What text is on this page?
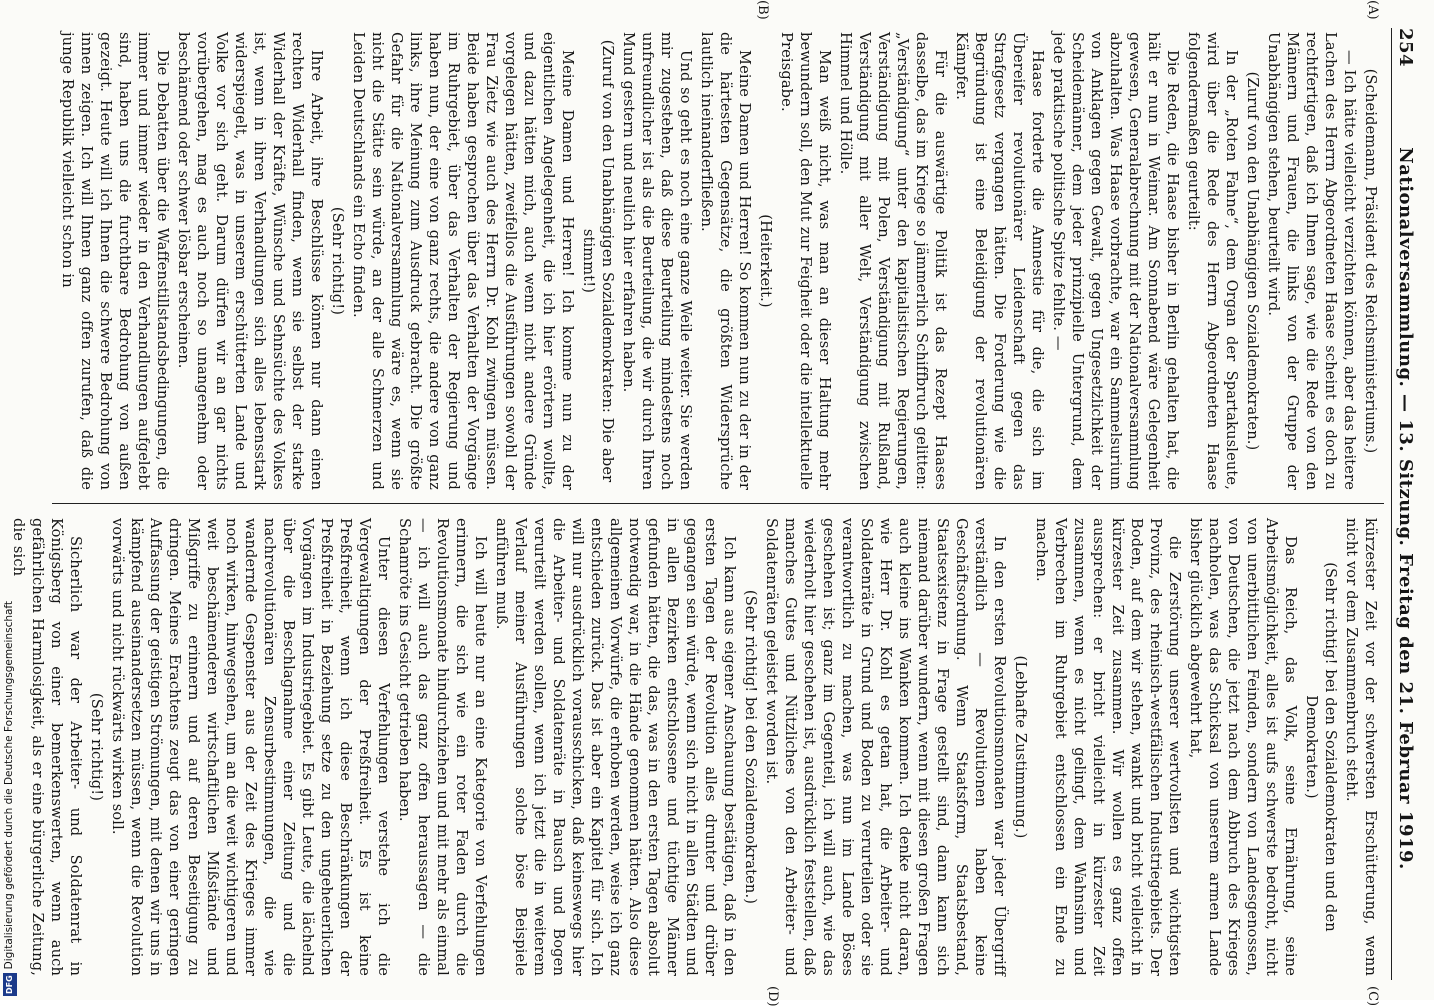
254
Nationalversammlung. — 13. Sitzung. Freitag den 21. Februar 1919.
(A)
(B)
(C)
(D)

(Scheidemann, Präsident des Reichsministeriums.)

— Ich hätte vielleicht verzichten können, aber das heitere Lachen des Herrn Abgeordneten Haase scheint es doch zu rechtfertigen, daß ich Ihnen sage, wie die Rede von den Männern und Frauen, die links von der Gruppe der Unabhängigen stehen, beurteilt wird.

(Zuruf von den Unabhängigen Sozialdemokraten.)

In der „Roten Fahne“, dem Organ der Spartakusleute, wird über die Rede des Herrn Abgeordneten Haase folgendermaßen geurteilt:

Die Reden, die Haase bisher in Berlin gehalten hat, die hält er nun in Weimar. Am Sonnabend wäre Gelegenheit gewesen, Generalabrechnung mit der Nationalversammlung abzuhalten. Was Haase vorbrachte, war ein Sammelsurium von Anklagen gegen Gewalt, gegen Ungesetzlichkeit der Scheidemänner, dem jeder prinzipielle Untergrund, dem jede praktische politische Spitze fehlte. —

Haase forderte die Amnestie für die, die sich im Übereifer revolutionärer Leidenschaft gegen das Strafgesetz vergangen hätten. Die Forderung wie die Begründung ist eine Beleidigung der revolutionären Kämpfer.

Für die auswärtige Politik ist das Rezept Haases dasselbe, das im Kriege so jämmerlich Schiffbruch gelitten: „Verständigung“ unter den kapitalistischen Regierungen, Verständigung mit Polen, Verständigung mit Rußland, Verständigung mit aller Welt, Verständigung zwischen Himmel und Hölle.

Man weiß nicht, was man an dieser Haltung mehr bewundern soll, den Mut zur Feigheit oder die intellektuelle Preisgabe.

(Heiterkeit.)

Meine Damen und Herren! So kommen nun zu der in der die härtesten Gegensätze, die größten Widersprüche lautlich ineinanderfließen.

Und so geht es noch eine ganze Weile weiter. Sie werden mir zugestehen, daß diese Beurteilung mindestens noch unfreundlicher ist als die Beurteilung, die wir durch Ihren Mund gestern und neulich hier erfahren haben.

(Zuruf von den Unabhängigen Sozialdemokraten: Die aber stimmt!)

Meine Damen und Herren! Ich komme nun zu der eigentlichen Angelegenheit, die ich hier erörtern wollte, und dazu hätten mich, auch wenn nicht andere Gründe vorgelegen hätten, zweifellos die Ausführungen sowohl der Frau Zietz wie auch des Herrn Dr. Kohl zwingen müssen. Beide haben gesprochen über das Verhalten der Vorgänge im Ruhrgebiet, über das Verhalten der Regierung und haben nun, der eine von ganz rechts, die andere von ganz links, ihre Meinung zum Ausdruck gebracht. Die größte Gefahr für die Nationalversammlung wäre es, wenn sie nicht die Stätte sein würde, an der alle Schmerzen und Leiden Deutschlands ein Echo finden.

(Sehr richtig!)

Ihre Arbeit, ihre Beschlüsse können nur dann einen rechten Widerhall finden, wenn sie selbst der starke Widerhall der Kräfte, Wünsche und Sehnsüchte des Volkes ist, wenn in ihren Verhandlungen sich alles lebensstark widerspiegelt, was in unserem erschütterten Lande und Volke vor sich geht. Darum dürfen wir an gar nichts vorübergehen, mag es auch noch so unangenehm oder beschämend oder schwer lösbar erscheinen.

Die Debatten über die Waffenstillstandsbedingungen, die immer und immer wieder in den Verhandlungen aufgelebt sind, haben uns die furchtbare Bedrohung von außen gezeigt. Heute will ich Ihnen die schwere Bedrohung von innen zeigen. Ich will Ihnen ganz offen zurufen, daß die junge Republik vielleicht schon in

kürzester Zeit vor der schwersten Erschütterung, wenn nicht vor dem Zusammenbruch steht.

(Sehr richtig! bei den Sozialdemokraten und den Demokraten.)

Das Reich, das Volk, seine Ernährung, seine Arbeitsmöglichkeit, alles ist aufs schwerste bedroht, nicht von unerbittlichen Feinden, sondern von Landesgenossen, von Deutschen, die jetzt nach dem Abbruch des Krieges nachholen, was das Schicksal von unserem armen Lande bisher glücklich abgewehrt hat,

die Zerstörung unserer wertvollsten und wichtigsten Provinz, des rheinisch-westfälischen Industriegebiets. Der Boden, auf dem wir stehen, wankt und bricht vielleicht in kürzester Zeit zusammen. Wir wollen es ganz offen aussprechen: er bricht vielleicht in kürzester Zeit zusammen, wenn es nicht gelingt, dem Wahnsinn und Verbrechen im Ruhrgebiet entschlossen ein Ende zu machen.

(Lebhafte Zustimmung.)

In den ersten Revolutionsmonaten war jeder Übergriff verständlich — Revolutionen haben keine Geschäftsordnung. Wenn Staatsform, Staatsbestand, Staatsexistenz in Frage gestellt sind, dann kann sich niemand darüber wundern, wenn mit diesen großen Fragen auch kleine ins Wanken kommen. Ich denke nicht daran, wie Herr Dr. Kohl es getan hat, die Arbeiter- und Soldatenräte in Grund und Boden zu verurteilen oder sie verantwortlich zu machen, was nun im Lande Böses geschehen ist; ganz im Gegenteil, ich will auch, wie das wiederholt hier geschehen ist, ausdrücklich feststellen, daß manches Gutes und Nützliches von den Arbeiter- und Soldatenräten geleistet worden ist.

(Sehr richtig! bei den Sozialdemokraten.)

Ich kann aus eigener Anschauung bestätigen, daß in den ersten Tagen der Revolution alles drunter und drüber gegangen sein würde, wenn sich nicht in allen Städten und in allen Bezirken entschlossene und tüchtige Männer gefunden hätten, die das, was in den ersten Tagen absolut notwendig war, in die Hände genommen hätten. Also diese allgemeinen Vorwürfe, die erhoben werden, weise ich ganz entschieden zurück. Das ist aber ein Kapitel für sich. Ich will nur ausdrücklich vorausschicken, daß keineswegs hier die Arbeiter- und Soldatenräte in Bausch und Bogen verurteilt werden sollen, wenn ich jetzt die in weiterem Verlauf meiner Ausführungen solche böse Beispiele anführen muß.

Ich will heute nur an eine Kategorie von Verfehlungen erinnern, die sich wie ein roter Faden durch die Revolutionsmonate hindurchziehen und mit mehr als einmal — ich will auch das ganz offen heraussagen — die Schamröte ins Gesicht getrieben haben.

Unter diesen Verfehlungen verstehe ich die Vergewaltigungen der Preßfreiheit. Es ist keine Preßfreiheit, wenn ich diese Beschränkungen der Preßfreiheit in Beziehung setze zu den ungeheuerlichen Vorgängen im Industriegebiet. Es gibt Leute, die lächelnd über die Beschlagnahme einer Zeitung und die nachrevolutionären Zensurbestimmungen, die wie wandernde Gespenster aus der Zeit des Krieges immer noch wirken, hinwegsehen, um an die weit wichtigeren und weit beschämenderen wirtschaftlichen Mißstände und Mißgriffe zu erinnern und auf deren Beseitigung zu dringen. Meines Erachtens zeugt das von einer geringen Auffassung der geistigen Strömungen, mit denen wir uns in kämpfend auseinandersetzen müssen, wenn die Revolution vorwärts und nicht rückwärts wirken soll.

(Sehr richtig!)

Sicherlich war der Arbeiter- und Soldatenrat in Königsberg von einer bemerkenswerten, wenn auch gefährlichen Harmlosigkeit, als er eine bürgerliche Zeitung, die sich

DFGDigitalisierung gefördert durch die Deutsche Forschungsgemeinschaft
